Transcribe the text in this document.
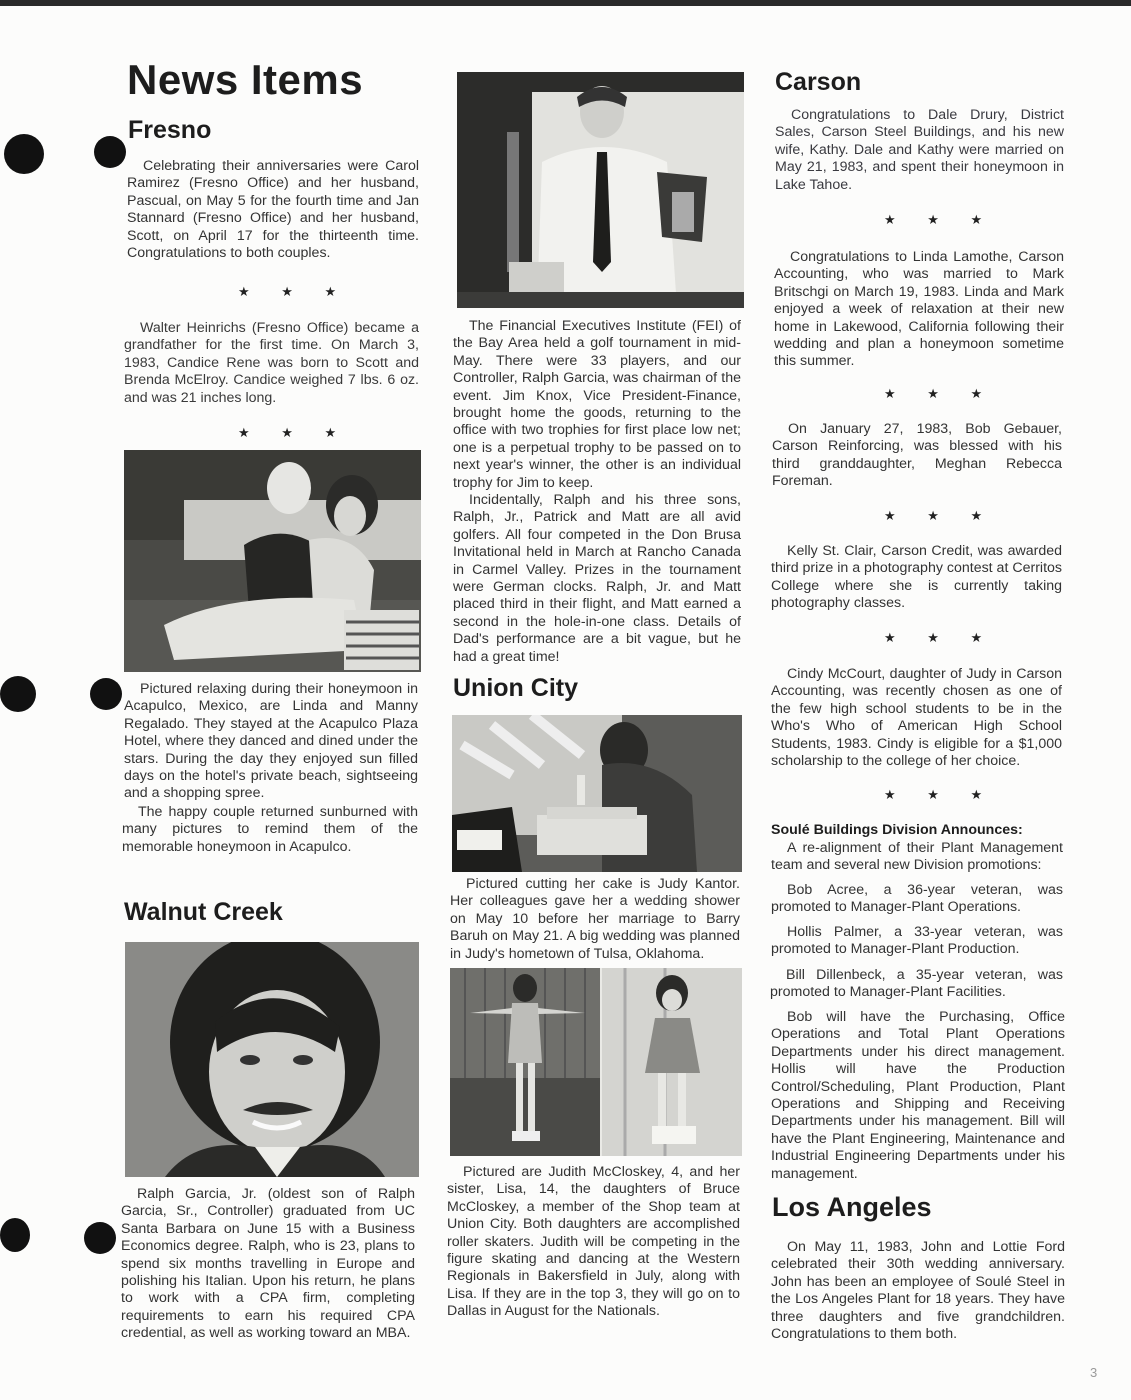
News Items
Fresno

Celebrating their anniversaries were Carol Ramirez (Fresno Office) and her husband, Pascual, on May 5 for the fourth time and Jan Stannard (Fresno Office) and her husband, Scott, on April 17 for the thirteenth time. Congratulations to both couples.

★ ★ ★

Walter Heinrichs (Fresno Office) became a grandfather for the first time. On March 3, 1983, Candice Rene was born to Scott and Brenda McElroy. Candice weighed 7 lbs. 6 oz. and was 21 inches long.

★ ★ ★

Pictured relaxing during their honeymoon in Acapulco, Mexico, are Linda and Manny Regalado. They stayed at the Acapulco Plaza Hotel, where they danced and dined under the stars. During the day they enjoyed sun filled days on the hotel's private beach, sightseeing and a shopping spree.

The happy couple returned sunburned with many pictures to remind them of the memorable honeymoon in Acapulco.

Walnut Creek

Ralph Garcia, Jr. (oldest son of Ralph Garcia, Sr., Controller) graduated from UC Santa Barbara on June 15 with a Business Economics degree. Ralph, who is 23, plans to spend six months travelling in Europe and polishing his Italian. Upon his return, he plans to work with a CPA firm, completing requirements to earn his required CPA credential, as well as working toward an MBA.

The Financial Executives Institute (FEI) of the Bay Area held a golf tournament in mid-May. There were 33 players, and our Controller, Ralph Garcia, was chairman of the event. Jim Knox, Vice President-Finance, brought home the goods, returning to the office with two trophies for first place low net; one is a perpetual trophy to be passed on to next year's winner, the other is an individual trophy for Jim to keep.

Incidentally, Ralph and his three sons, Ralph, Jr., Patrick and Matt are all avid golfers. All four competed in the Don Brusa Invitational held in March at Rancho Canada in Carmel Valley. Prizes in the tournament were German clocks. Ralph, Jr. and Matt placed third in their flight, and Matt earned a second in the hole-in-one class. Details of Dad's performance are a bit vague, but he had a great time!

Union City

Pictured cutting her cake is Judy Kantor. Her colleagues gave her a wedding shower on May 10 before her marriage to Barry Baruh on May 21. A big wedding was planned in Judy's hometown of Tulsa, Oklahoma.

Pictured are Judith McCloskey, 4, and her sister, Lisa, 14, the daughters of Bruce McCloskey, a member of the Shop team at Union City. Both daughters are accomplished roller skaters. Judith will be competing in the figure skating and dancing at the Western Regionals in Bakersfield in July, along with Lisa. If they are in the top 3, they will go on to Dallas in August for the Nationals.

Carson

Congratulations to Dale Drury, District Sales, Carson Steel Buildings, and his new wife, Kathy. Dale and Kathy were married on May 21, 1983, and spent their honeymoon in Lake Tahoe.

★ ★ ★

Congratulations to Linda Lamothe, Carson Accounting, who was married to Mark Britschgi on March 19, 1983. Linda and Mark enjoyed a week of relaxation at their new home in Lakewood, California following their wedding and plan a honeymoon sometime this summer.

★ ★ ★

On January 27, 1983, Bob Gebauer, Carson Reinforcing, was blessed with his third granddaughter, Meghan Rebecca Foreman.

★ ★ ★

Kelly St. Clair, Carson Credit, was awarded third prize in a photography contest at Cerritos College where she is currently taking photography classes.

★ ★ ★

Cindy McCourt, daughter of Judy in Carson Accounting, was recently chosen as one of the few high school students to be in the Who's Who of American High School Students, 1983. Cindy is eligible for a $1,000 scholarship to the college of her choice.

★ ★ ★

Soulé Buildings Division Announces:

A re-alignment of their Plant Management team and several new Division promotions:

Bob Acree, a 36-year veteran, was promoted to Manager-Plant Operations.

Hollis Palmer, a 33-year veteran, was promoted to Manager-Plant Production.

Bill Dillenbeck, a 35-year veteran, was promoted to Manager-Plant Facilities.

Bob will have the Purchasing, Office Operations and Total Plant Operations Departments under his direct management. Hollis will have the Production Control/Scheduling, Plant Production, Plant Operations and Shipping and Receiving Departments under his management. Bill will have the Plant Engineering, Maintenance and Industrial Engineering Departments under his management.

Los Angeles

On May 11, 1983, John and Lottie Ford celebrated their 30th wedding anniversary. John has been an employee of Soulé Steel in the Los Angeles Plant for 18 years. They have three daughters and five grandchildren. Congratulations to them both.

3
